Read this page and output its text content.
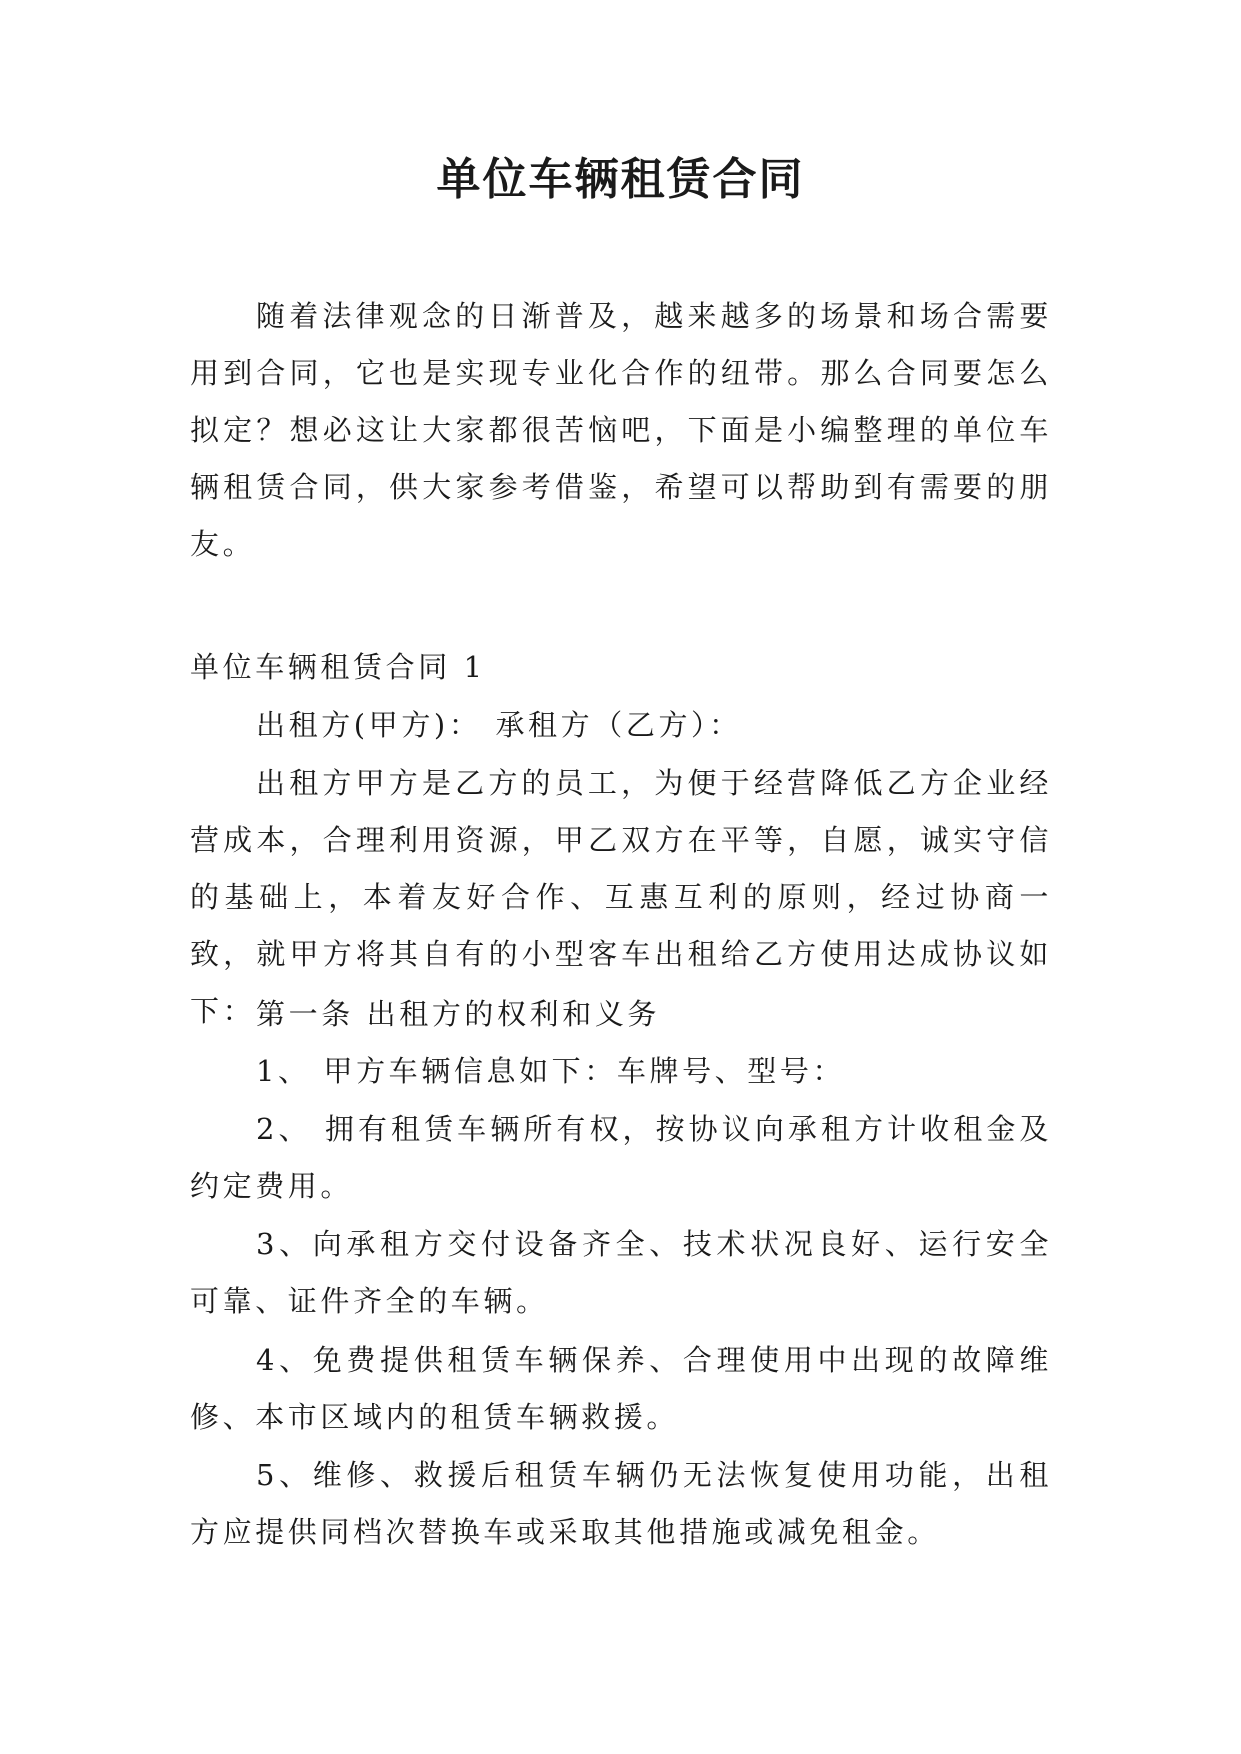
单位车辆租赁合同

随着法律观念的日渐普及，越来越多的场景和场合需要用到合同，它也是实现专业化合作的纽带。那么合同要怎么拟定？想必这让大家都很苦恼吧，下面是小编整理的单位车辆租赁合同，供大家参考借鉴，希望可以帮助到有需要的朋友。

单位车辆租赁合同 1

出租方(甲方)： 承租方（乙方）：

出租方甲方是乙方的员工，为便于经营降低乙方企业经营成本，合理利用资源，甲乙双方在平等，自愿，诚实守信的基础上，本着友好合作、互惠互利的原则，经过协商一致，就甲方将其自有的小型客车出租给乙方使用达成协议如下： 第一条 出租方的权利和义务

1、 甲方车辆信息如下：车牌号、型号：

2、 拥有租赁车辆所有权，按协议向承租方计收租金及约定费用。

3、向承租方交付设备齐全、技术状况良好、运行安全可靠、证件齐全的车辆。

4、免费提供租赁车辆保养、合理使用中出现的故障维修、本市区域内的租赁车辆救援。

5、维修、救援后租赁车辆仍无法恢复使用功能，出租方应提供同档次替换车或采取其他措施或减免租金。
